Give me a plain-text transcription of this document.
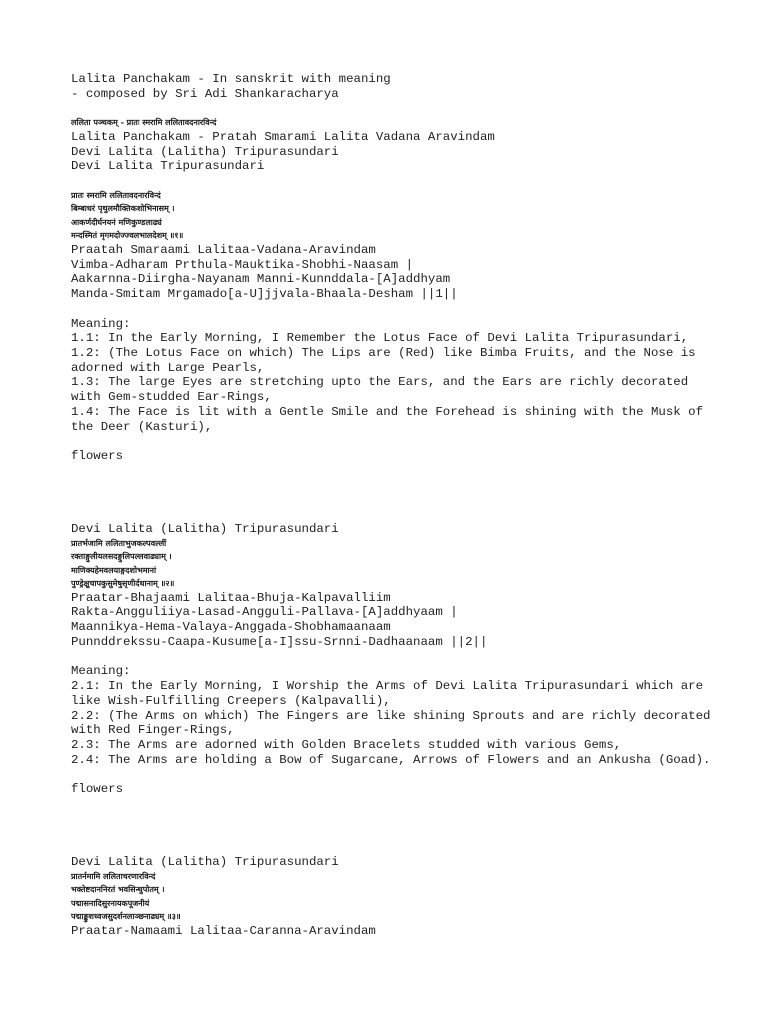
Lalita Panchakam - In sanskrit with meaning
- composed by Sri Adi Shankaracharya
ललिता पञ्चकम् - प्रातः स्मरामि ललितावदनारविन्दं
Lalita Panchakam - Pratah Smarami Lalita Vadana Aravindam
Devi Lalita (Lalitha) Tripurasundari
Devi Lalita Tripurasundari
प्रातः स्मरामि ललितावदनारविन्दं
बिम्बाधरं पृथुलमौक्तिकशोभिनासम् ।
आकर्णदीर्घनयनं मणिकुण्डलाढ्यं
मन्दस्मितं मृगमदोज्ज्वलभालदेशम् ॥१॥
Praatah Smaraami Lalitaa-Vadana-Aravindam
Vimba-Adharam Prthula-Mauktika-Shobhi-Naasam |
Aakarnna-Diirgha-Nayanam Manni-Kunnddala-[A]addhyam
Manda-Smitam Mrgamado[a-U]jjvala-Bhaala-Desham ||1||
Meaning:
1.1: In the Early Morning, I Remember the Lotus Face of Devi Lalita Tripurasundari,
1.2: (The Lotus Face on which) The Lips are (Red) like Bimba Fruits, and the Nose is adorned with Large Pearls,
1.3: The large Eyes are stretching upto the Ears, and the Ears are richly decorated with Gem-studded Ear-Rings,
1.4: The Face is lit with a Gentle Smile and the Forehead is shining with the Musk of the Deer (Kasturi),
flowers
Devi Lalita (Lalitha) Tripurasundari
प्रातर्भजामि ललिताभुजकल्पवल्लीं
रक्ताङ्गुलीयलसदङ्गुलिपल्लवाढ्याम् ।
माणिक्यहेमवलयाङ्गदशोभमानां
पुण्ड्रेक्षुचापकुसुमेषुसृणीर्दधानाम् ॥२॥
Praatar-Bhajaami Lalitaa-Bhuja-Kalpavalliim
Rakta-Angguliiya-Lasad-Angguli-Pallava-[A]addhyaam |
Maannikya-Hema-Valaya-Anggada-Shobhamaanaam
Punnddrekssu-Caapa-Kusume[a-I]ssu-Srnni-Dadhaanaam ||2||
Meaning:
2.1: In the Early Morning, I Worship the Arms of Devi Lalita Tripurasundari which are like Wish-Fulfilling Creepers (Kalpavalli),
2.2: (The Arms on which) The Fingers are like shining Sprouts and are richly decorated with Red Finger-Rings,
2.3: The Arms are adorned with Golden Bracelets studded with various Gems,
2.4: The Arms are holding a Bow of Sugarcane, Arrows of Flowers and an Ankusha (Goad).
flowers
Devi Lalita (Lalitha) Tripurasundari
प्रातर्नमामि ललिताचरणारविन्दं
भक्तेष्टदाननिरतं भवसिन्धुपोतम् ।
पद्मासनादिसुरनायकपूजनीयं
पद्माङ्कुशध्वजसुदर्शनलाञ्छनाढ्यम् ॥३॥
Praatar-Namaami Lalitaa-Caranna-Aravindam
